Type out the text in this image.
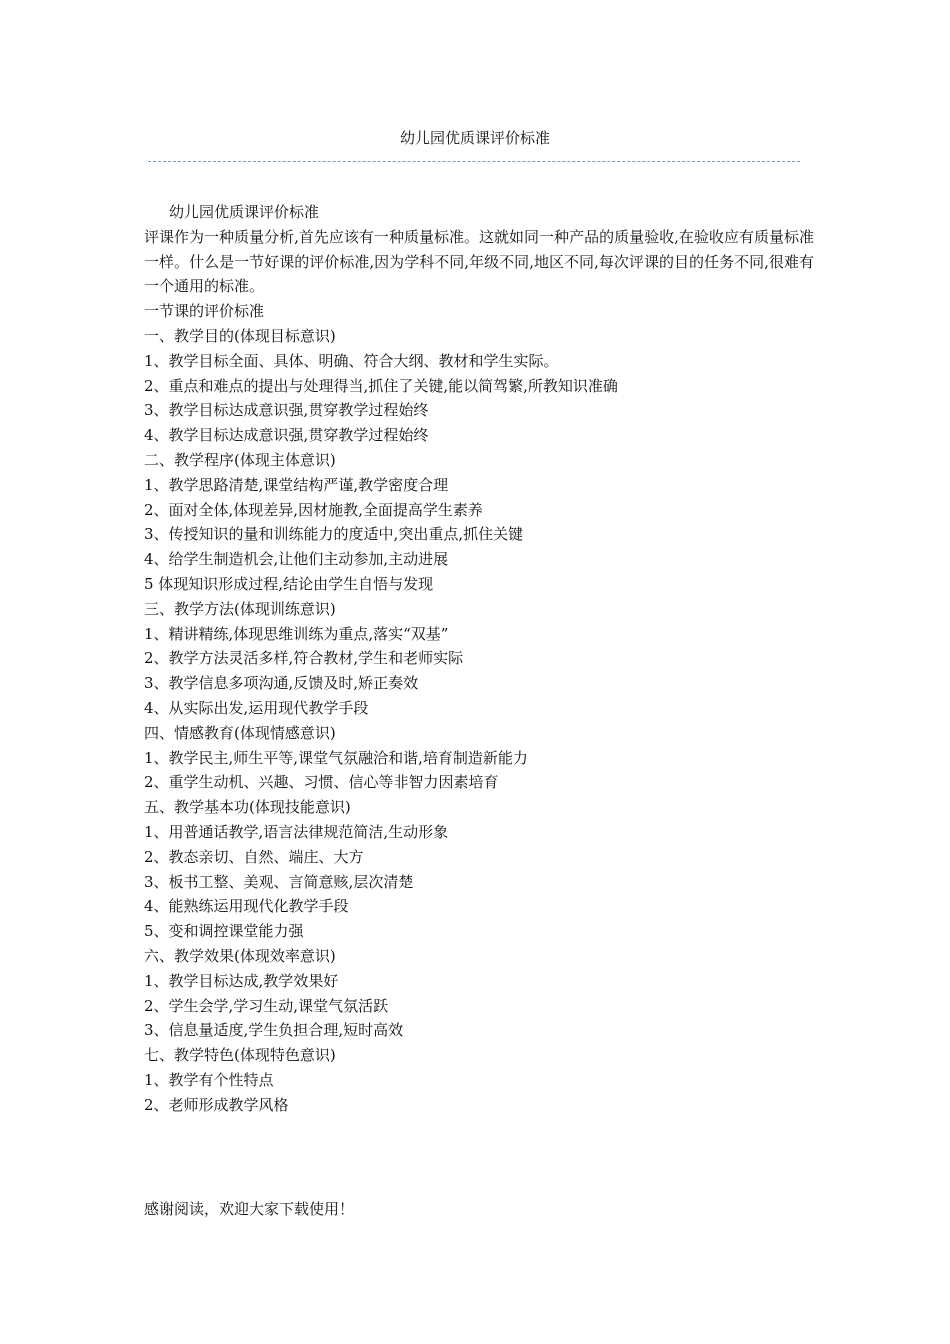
幼儿园优质课评价标准
幼儿园优质课评价标准
评课作为一种质量分析,首先应该有一种质量标准。这就如同一种产品的质量验收,在验收应有质量标准一样。什么是一节好课的评价标准,因为学科不同,年级不同,地区不同,每次评课的目的任务不同,很难有一个通用的标准。
一节课的评价标准
一、教学目的(体现目标意识)
1、教学目标全面、具体、明确、符合大纲、教材和学生实际。
2、重点和难点的提出与处理得当,抓住了关键,能以简驾繁,所教知识准确
3、教学目标达成意识强,贯穿教学过程始终
4、教学目标达成意识强,贯穿教学过程始终
二、教学程序(体现主体意识)
1、教学思路清楚,课堂结构严谨,教学密度合理
2、面对全体,体现差异,因材施教,全面提高学生素养
3、传授知识的量和训练能力的度适中,突出重点,抓住关键
4、给学生制造机会,让他们主动参加,主动进展
5 体现知识形成过程,结论由学生自悟与发现
三、教学方法(体现训练意识)
1、精讲精练,体现思维训练为重点,落实“双基”
2、教学方法灵活多样,符合教材,学生和老师实际
3、教学信息多项沟通,反馈及时,矫正奏效
4、从实际出发,运用现代教学手段
四、情感教育(体现情感意识)
1、教学民主,师生平等,课堂气氛融洽和谐,培育制造新能力
2、重学生动机、兴趣、习惯、信心等非智力因素培育
五、教学基本功(体现技能意识)
1、用普通话教学,语言法律规范简洁,生动形象
2、教态亲切、自然、端庄、大方
3、板书工整、美观、言简意赅,层次清楚
4、能熟练运用现代化教学手段
5、变和调控课堂能力强
六、教学效果(体现效率意识)
1、教学目标达成,教学效果好
2、学生会学,学习生动,课堂气氛活跃
3、信息量适度,学生负担合理,短时高效
七、教学特色(体现特色意识)
1、教学有个性特点
2、老师形成教学风格
感谢阅读，欢迎大家下载使用！
